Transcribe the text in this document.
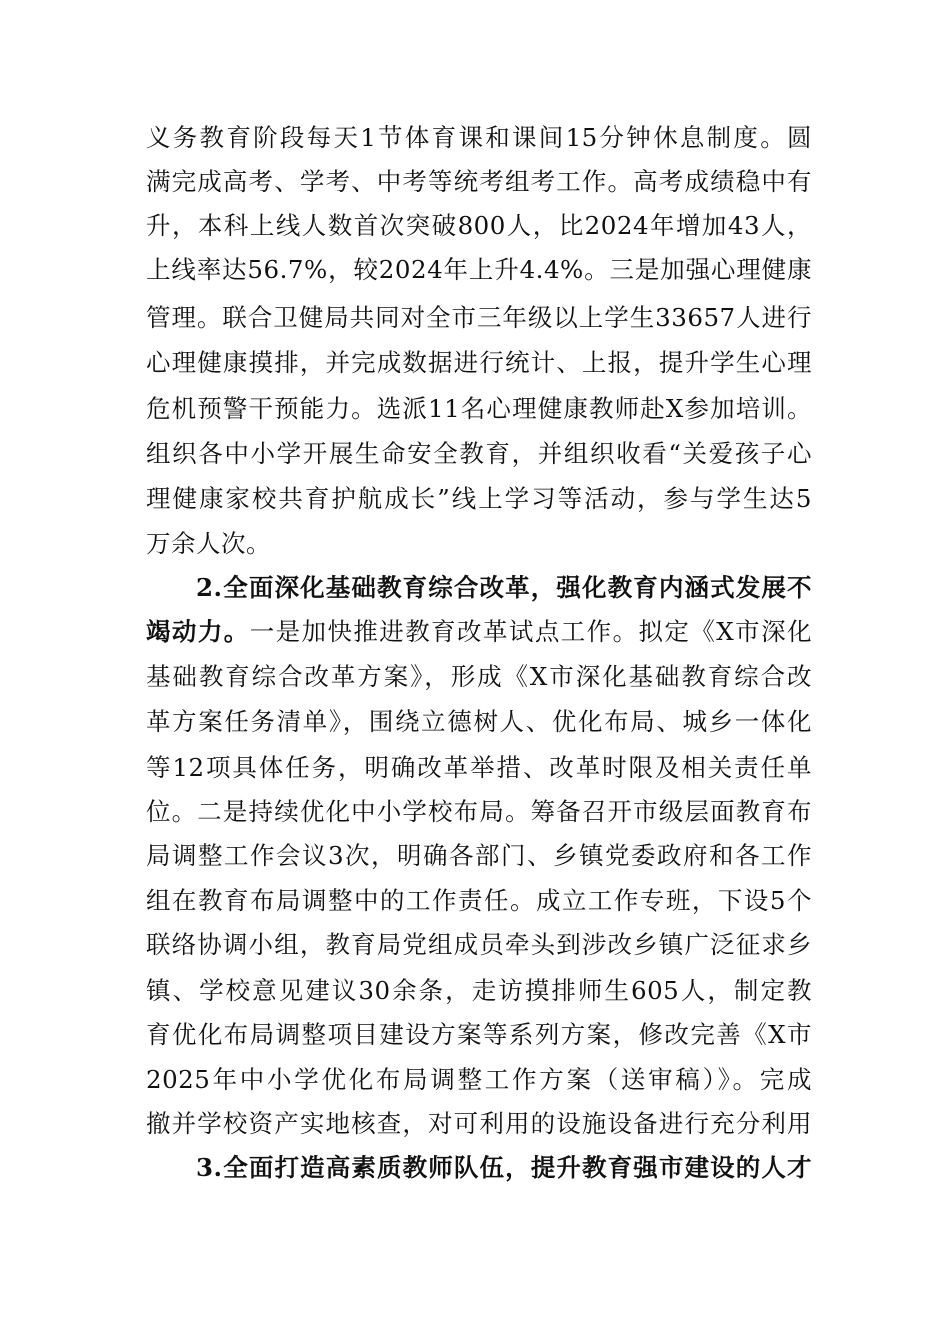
义务教育阶段每天1节体育课和课间15分钟休息制度。圆
满完成高考、学考、中考等统考组考工作。高考成绩稳中有
升，本科上线人数首次突破800人，比2024年增加43人，
上线率达56.7%，较2024年上升4.4%。三是加强心理健康
管理。联合卫健局共同对全市三年级以上学生33657人进行
心理健康摸排，并完成数据进行统计、上报，提升学生心理
危机预警干预能力。选派11名心理健康教师赴X参加培训。
组织各中小学开展生命安全教育，并组织收看“关爱孩子心
理健康家校共育护航成长”线上学习等活动，参与学生达5
万余人次。
2.全面深化基础教育综合改革，强化教育内涵式发展不
竭动力。一是加快推进教育改革试点工作。拟定《X市深化
基础教育综合改革方案》，形成《X市深化基础教育综合改
革方案任务清单》，围绕立德树人、优化布局、城乡一体化
等12项具体任务，明确改革举措、改革时限及相关责任单
位。二是持续优化中小学校布局。筹备召开市级层面教育布
局调整工作会议3次，明确各部门、乡镇党委政府和各工作
组在教育布局调整中的工作责任。成立工作专班，下设5个
联络协调小组，教育局党组成员牵头到涉改乡镇广泛征求乡
镇、学校意见建议30余条，走访摸排师生605人，制定教
育优化布局调整项目建设方案等系列方案，修改完善《X市
2025年中小学优化布局调整工作方案（送审稿）》。完成
撤并学校资产实地核查，对可利用的设施设备进行充分利用
3.全面打造高素质教师队伍，提升教育强市建设的人才
